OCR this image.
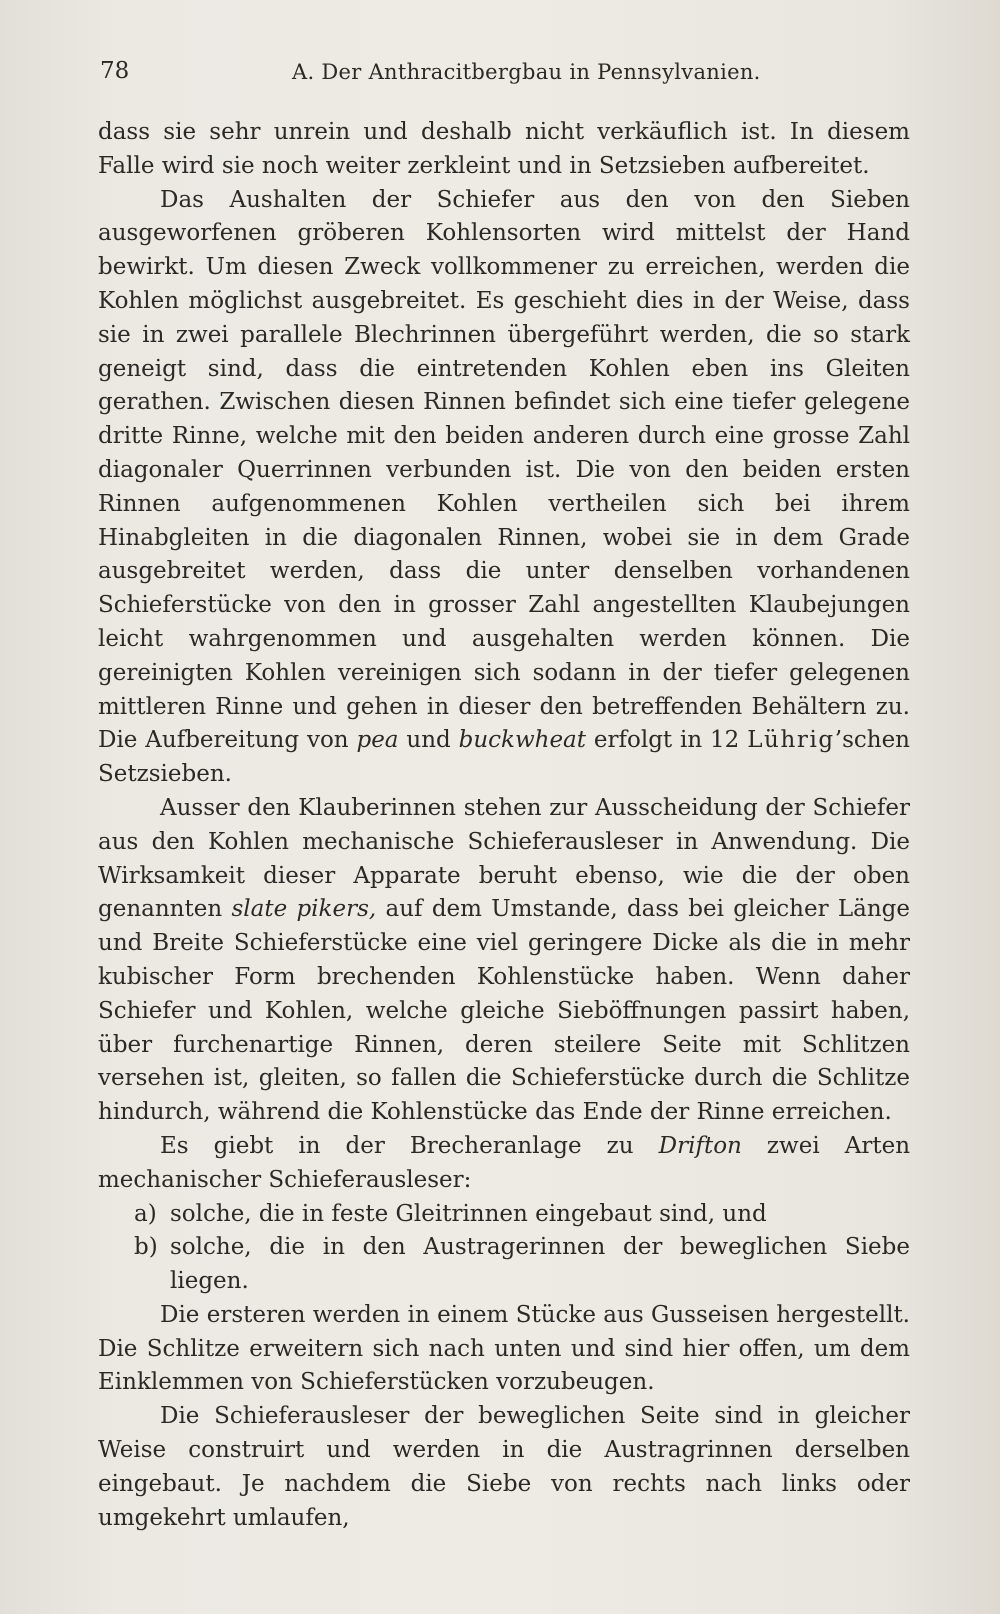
78	A. Der Anthracitbergbau in Pennsylvanien.

dass sie sehr unrein und deshalb nicht verkäuflich ist. In diesem Falle wird sie noch weiter zerkleint und in Setzsieben aufbereitet.

Das Aushalten der Schiefer aus den von den Sieben ausgeworfenen gröberen Kohlensorten wird mittelst der Hand bewirkt. Um diesen Zweck vollkommener zu erreichen, werden die Kohlen möglichst ausgebreitet. Es geschieht dies in der Weise, dass sie in zwei parallele Blechrinnen übergeführt werden, die so stark geneigt sind, dass die eintretenden Kohlen eben ins Gleiten gerathen. Zwischen diesen Rinnen befindet sich eine tiefer gelegene dritte Rinne, welche mit den beiden anderen durch eine grosse Zahl diagonaler Querrinnen verbunden ist. Die von den beiden ersten Rinnen aufgenommenen Kohlen vertheilen sich bei ihrem Hinabgleiten in die diagonalen Rinnen, wobei sie in dem Grade ausgebreitet werden, dass die unter denselben vorhandenen Schieferstücke von den in grosser Zahl angestellten Klaubejungen leicht wahrgenommen und ausgehalten werden können. Die gereinigten Kohlen vereinigen sich sodann in der tiefer gelegenen mittleren Rinne und gehen in dieser den betreffenden Behältern zu. Die Aufbereitung von pea und buckwheat erfolgt in 12 Lührig’schen Setzsieben.

Ausser den Klauberinnen stehen zur Ausscheidung der Schiefer aus den Kohlen mechanische Schieferausleser in Anwendung. Die Wirksamkeit dieser Apparate beruht ebenso, wie die der oben genannten slate pikers, auf dem Umstande, dass bei gleicher Länge und Breite Schieferstücke eine viel geringere Dicke als die in mehr kubischer Form brechenden Kohlenstücke haben. Wenn daher Schiefer und Kohlen, welche gleiche Sieböffnungen passirt haben, über furchenartige Rinnen, deren steilere Seite mit Schlitzen versehen ist, gleiten, so fallen die Schieferstücke durch die Schlitze hindurch, während die Kohlenstücke das Ende der Rinne erreichen.

Es giebt in der Brecheranlage zu Drifton zwei Arten mechanischer Schieferausleser:

a) solche, die in feste Gleitrinnen eingebaut sind, und
b) solche, die in den Austragerinnen der beweglichen Siebe liegen.

Die ersteren werden in einem Stücke aus Gusseisen hergestellt. Die Schlitze erweitern sich nach unten und sind hier offen, um dem Einklemmen von Schieferstücken vorzubeugen.

Die Schieferausleser der beweglichen Seite sind in gleicher Weise construirt und werden in die Austragrinnen derselben eingebaut. Je nachdem die Siebe von rechts nach links oder umgekehrt umlaufen,
